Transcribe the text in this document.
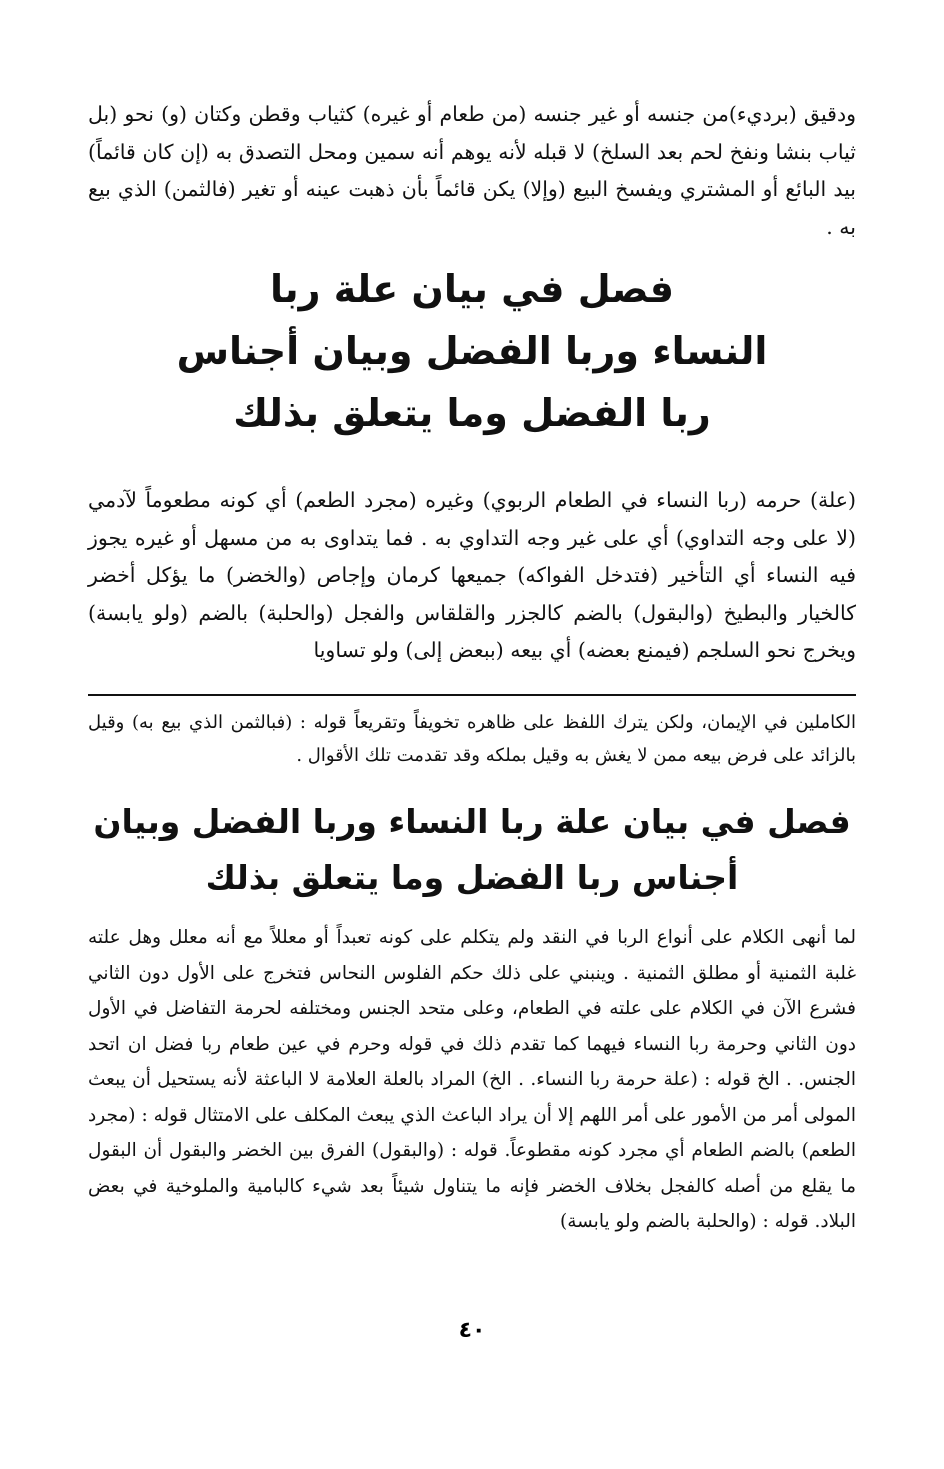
ودقيق (برديء)من جنسه أو غير جنسه (من طعام أو غيره) كثياب وقطن وكتان (و) نحو (بل ثياب بنشا ونفخ لحم بعد السلخ) لا قبله لأنه يوهم أنه سمين ومحل التصدق به (إن كان قائماً) بيد البائع أو المشتري ويفسخ البيع (وإلا) يكن قائماً بأن ذهبت عينه أو تغير (فالثمن) الذي بيع به .

فصل في بيان علة ربا
النساء وربا الفضل وبيان أجناس
ربا الفضل وما يتعلق بذلك

(علة) حرمه (ربا النساء في الطعام الربوي) وغيره (مجرد الطعم) أي كونه مطعوماً لآدمي (لا على وجه التداوي) أي على غير وجه التداوي به . فما يتداوى به من مسهل أو غيره يجوز فيه النساء أي التأخير (فتدخل الفواكه) جميعها كرمان وإجاص (والخضر) ما يؤكل أخضر كالخيار والبطيخ (والبقول) بالضم كالجزر والقلقاس والفجل (والحلبة) بالضم (ولو يابسة) ويخرج نحو السلجم (فيمنع بعضه) أي بيعه (ببعض إلى) ولو تساويا

الكاملين في الإيمان، ولكن يترك اللفظ على ظاهره تخويفاً وتقريعاً قوله : (فبالثمن الذي بيع به) وقيل بالزائد على فرض بيعه ممن لا يغش به وقيل بملكه وقد تقدمت تلك الأقوال .

فصل في بيان علة ربا النساء وربا الفضل وبيان أجناس ربا الفضل وما يتعلق بذلك

لما أنهى الكلام على أنواع الربا في النقد ولم يتكلم على كونه تعبداً أو معللاً مع أنه معلل وهل علته غلبة الثمنية أو مطلق الثمنية . وينبني على ذلك حكم الفلوس النحاس فتخرج على الأول دون الثاني فشرع الآن في الكلام على علته في الطعام، وعلى متحد الجنس ومختلفه لحرمة التفاضل في الأول دون الثاني وحرمة ربا النساء فيهما كما تقدم ذلك في قوله وحرم في عين طعام ربا فضل ان اتحد الجنس. . الخ قوله : (علة حرمة ربا النساء. . الخ) المراد بالعلة العلامة لا الباعثة لأنه يستحيل أن يبعث المولى أمر من الأمور على أمر اللهم إلا أن يراد الباعث الذي يبعث المكلف على الامتثال قوله : (مجرد الطعم) بالضم الطعام أي مجرد كونه مقطوعاً. قوله : (والبقول) الفرق بين الخضر والبقول أن البقول ما يقلع من أصله كالفجل بخلاف الخضر فإنه ما يتناول شيئاً بعد شيء كالبامية والملوخية في بعض البلاد. قوله : (والحلبة بالضم ولو يابسة)

٤٠
